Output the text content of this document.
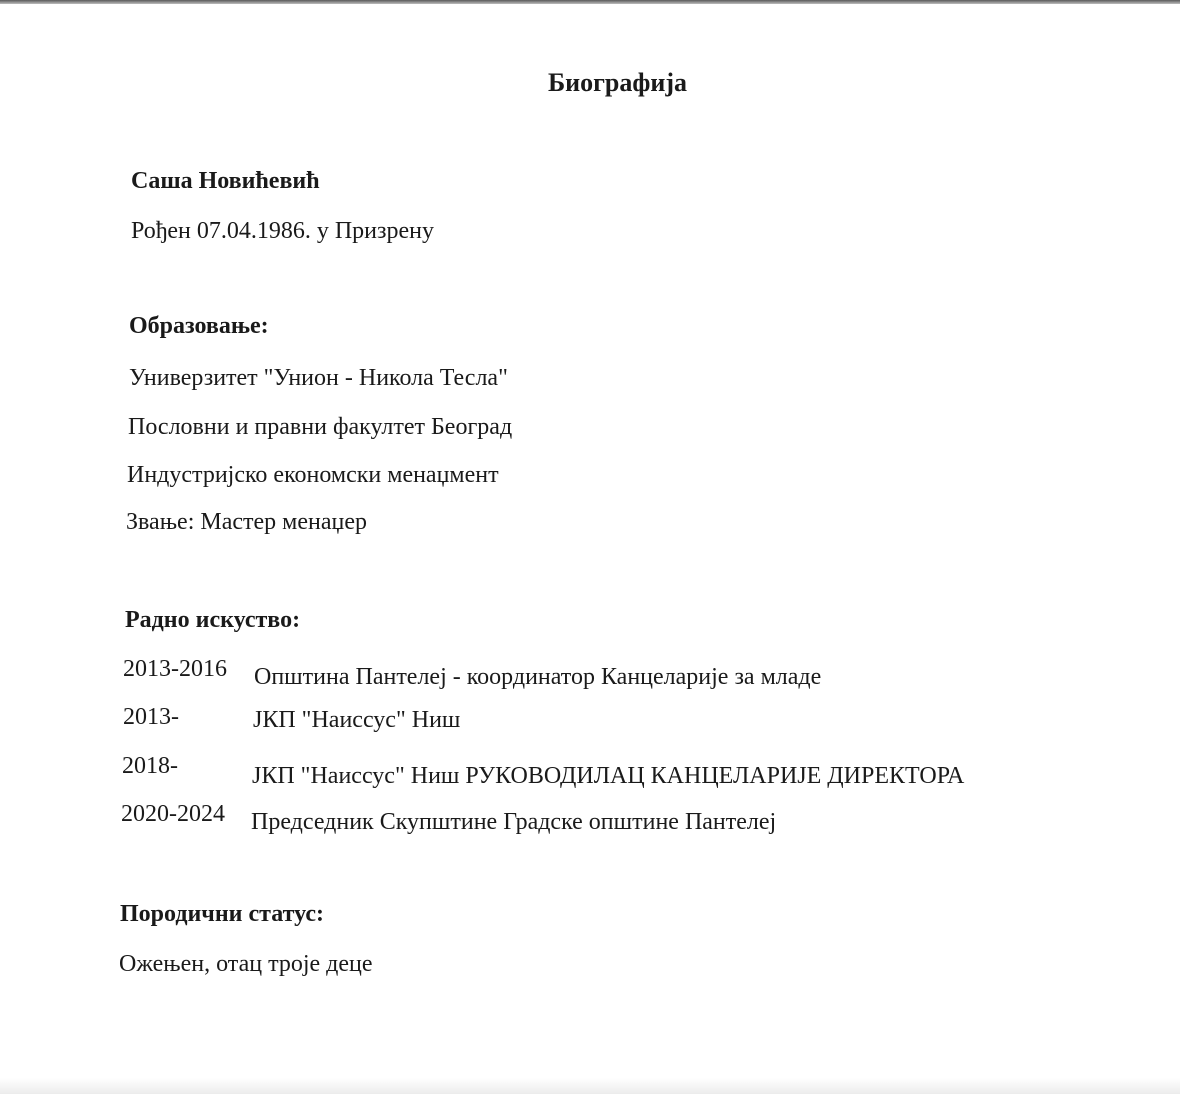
Биографија

Саша Новићевић

Рођен 07.04.1986. у Призрену

Образовање:

Универзитет "Унион - Никола Тесла"

Пословни и правни факултет Београд

Индустријско економски менаџмент

Звање: Мастер менаџер

Радно искуство:

2013-2016 Општина Пантелеј - координатор Канцеларије за младе
2013-	ЈКП "Наиссус" Ниш
2018-	ЈКП "Наиссус" Ниш РУКОВОДИЛАЦ КАНЦЕЛАРИЈЕ ДИРЕКТОРА
2020-2024 Председник Скупштине Градске општине Пантелеј

Породични статус:

Ожењен, отац троје деце
